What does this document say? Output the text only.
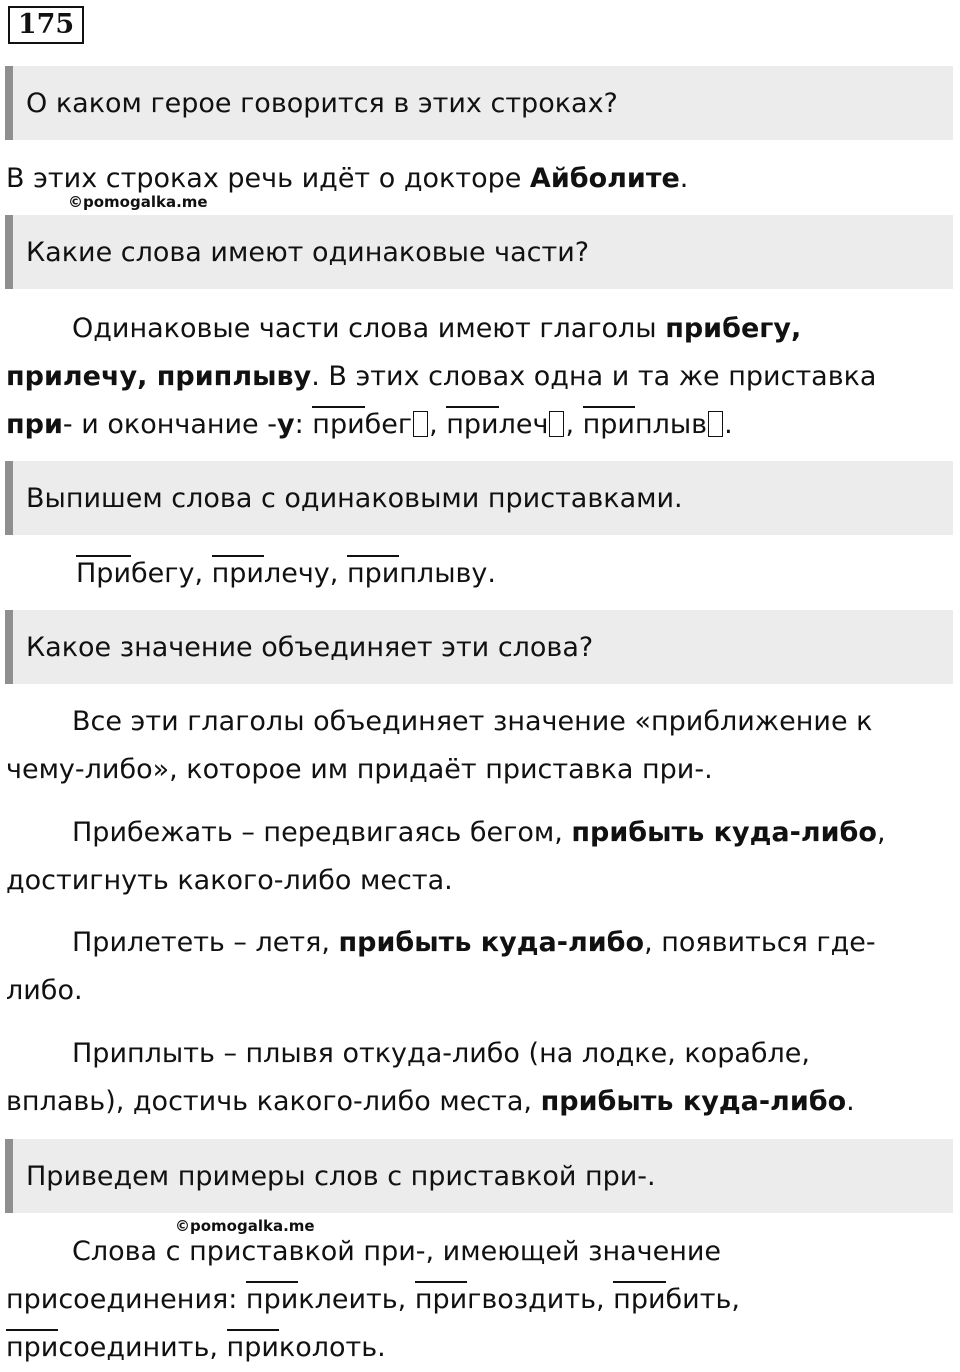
175
О каком герое говорится в этих строках?

В этих строках речь идёт о докторе Айболите.

©pomogalka.me
Какие слова имеют одинаковые части?

Одинаковые части слова имеют глаголы прибегу, прилечу, приплыву. В этих словах одна и та же приставка при- и окончание -у: прибег , прилеч , приплыв .

Выпишем слова с одинаковыми приставками.

Прибегу, прилечу, приплыву.

Какое значение объединяет эти слова?

Все эти глаголы объединяет значение «приближение к чему-либо», которое им придаёт приставка при-.

Прибежать – передвигаясь бегом, прибыть куда-либо, достигнуть какого-либо места.

Прилететь – летя, прибыть куда-либо, появиться где-либо.

Приплыть – плывя откуда-либо (на лодке, корабле, вплавь), достичь какого-либо места, прибыть куда-либо.

Приведем примеры слов с приставкой при-.
©pomogalka.me

Слова с приставкой при-, имеющей значение присоединения: приклеить, пригвоздить, прибить, присоединить, приколоть.
